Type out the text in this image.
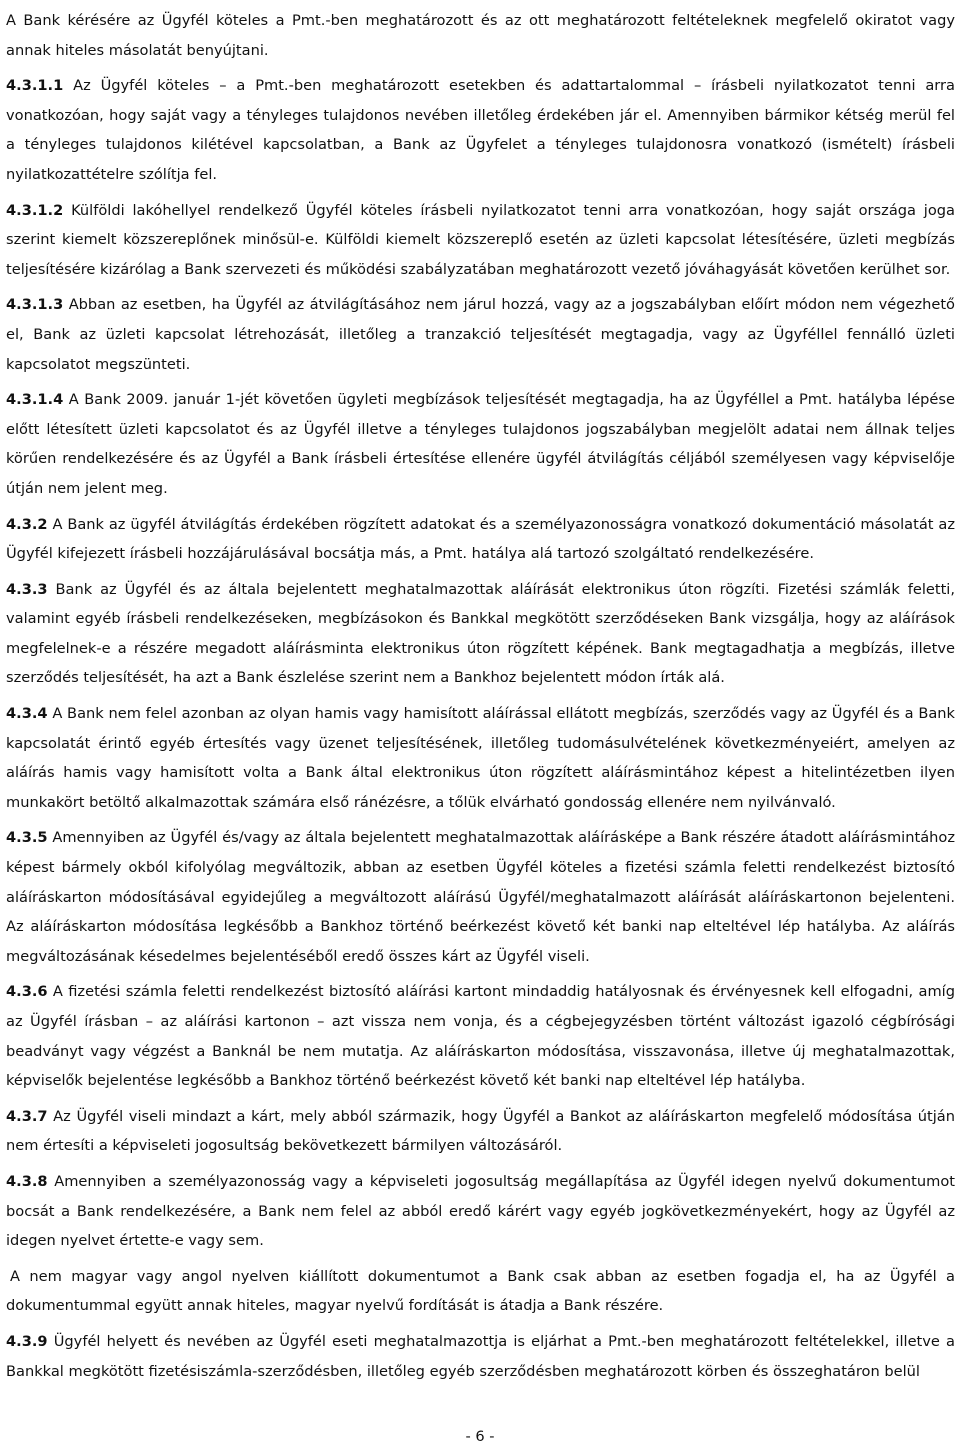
A Bank kérésére az Ügyfél köteles a Pmt.-ben meghatározott és az ott meghatározott feltételeknek megfelelő okiratot vagy annak hiteles másolatát benyújtani.

4.3.1.1 Az Ügyfél köteles – a Pmt.-ben meghatározott esetekben és adattartalommal – írásbeli nyilatkozatot tenni arra vonatkozóan, hogy saját vagy a tényleges tulajdonos nevében illetőleg érdekében jár el. Amennyiben bármikor kétség merül fel a tényleges tulajdonos kilétével kapcsolatban, a Bank az Ügyfelet a tényleges tulajdonosra vonatkozó (ismételt) írásbeli nyilatkozattételre szólítja fel.

4.3.1.2 Külföldi lakóhellyel rendelkező Ügyfél köteles írásbeli nyilatkozatot tenni arra vonatkozóan, hogy saját országa joga szerint kiemelt közszereplőnek minősül-e. Külföldi kiemelt közszereplő esetén az üzleti kapcsolat létesítésére, üzleti megbízás teljesítésére kizárólag a Bank szervezeti és működési szabályzatában meghatározott vezető jóváhagyását követően kerülhet sor.

4.3.1.3 Abban az esetben, ha Ügyfél az átvilágításához nem járul hozzá, vagy az a jogszabályban előírt módon nem végezhető el, Bank az üzleti kapcsolat létrehozását, illetőleg a tranzakció teljesítését megtagadja, vagy az Ügyféllel fennálló üzleti kapcsolatot megszünteti.

4.3.1.4 A Bank 2009. január 1-jét követően ügyleti megbízások teljesítését megtagadja, ha az Ügyféllel a Pmt. hatályba lépése előtt létesített üzleti kapcsolatot és az Ügyfél illetve a tényleges tulajdonos jogszabályban megjelölt adatai nem állnak teljes körűen rendelkezésére és az Ügyfél a Bank írásbeli értesítése ellenére ügyfél átvilágítás céljából személyesen vagy képviselője útján nem jelent meg.

4.3.2 A Bank az ügyfél átvilágítás érdekében rögzített adatokat és a személyazonosságra vonatkozó dokumentáció másolatát az Ügyfél kifejezett írásbeli hozzájárulásával bocsátja más, a Pmt. hatálya alá tartozó szolgáltató rendelkezésére.

4.3.3 Bank az Ügyfél és az általa bejelentett meghatalmazottak aláírását elektronikus úton rögzíti. Fizetési számlák feletti, valamint egyéb írásbeli rendelkezéseken, megbízásokon és Bankkal megkötött szerződéseken Bank vizsgálja, hogy az aláírások megfelelnek-e a részére megadott aláírásminta elektronikus úton rögzített képének. Bank megtagadhatja a megbízás, illetve szerződés teljesítését, ha azt a Bank észlelése szerint nem a Bankhoz bejelentett módon írták alá.

4.3.4 A Bank nem felel azonban az olyan hamis vagy hamisított aláírással ellátott megbízás, szerződés vagy az Ügyfél és a Bank kapcsolatát érintő egyéb értesítés vagy üzenet teljesítésének, illetőleg tudomásulvételének következményeiért, amelyen az aláírás hamis vagy hamisított volta a Bank által elektronikus úton rögzített aláírásmintához képest a hitelintézetben ilyen munkakört betöltő alkalmazottak számára első ránézésre, a tőlük elvárható gondosság ellenére nem nyilvánvaló.

4.3.5 Amennyiben az Ügyfél és/vagy az általa bejelentett meghatalmazottak aláírásképe a Bank részére átadott aláírásmintához képest bármely okból kifolyólag megváltozik, abban az esetben Ügyfél köteles a fizetési számla feletti rendelkezést biztosító aláíráskarton módosításával egyidejűleg a megváltozott aláírású Ügyfél/meghatalmazott aláírását aláíráskartonon bejelenteni. Az aláíráskarton módosítása legkésőbb a Bankhoz történő beérkezést követő két banki nap elteltével lép hatályba. Az aláírás megváltozásának késedelmes bejelentéséből eredő összes kárt az Ügyfél viseli.

4.3.6 A fizetési számla feletti rendelkezést biztosító aláírási kartont mindaddig hatályosnak és érvényesnek kell elfogadni, amíg az Ügyfél írásban – az aláírási kartonon – azt vissza nem vonja, és a cégbejegyzésben történt változást igazoló cégbírósági beadványt vagy végzést a Banknál be nem mutatja. Az aláíráskarton módosítása, visszavonása, illetve új meghatalmazottak, képviselők bejelentése legkésőbb a Bankhoz történő beérkezést követő két banki nap elteltével lép hatályba.

4.3.7 Az Ügyfél viseli mindazt a kárt, mely abból származik, hogy Ügyfél a Bankot az aláíráskarton megfelelő módosítása útján nem értesíti a képviseleti jogosultság bekövetkezett bármilyen változásáról.

4.3.8 Amennyiben a személyazonosság vagy a képviseleti jogosultság megállapítása az Ügyfél idegen nyelvű dokumentumot bocsát a Bank rendelkezésére, a Bank nem felel az abból eredő kárért vagy egyéb jogkövetkezményekért, hogy az Ügyfél az idegen nyelvet értette-e vagy sem.

A nem magyar vagy angol nyelven kiállított dokumentumot a Bank csak abban az esetben fogadja el, ha az Ügyfél a dokumentummal együtt annak hiteles, magyar nyelvű fordítását is átadja a Bank részére.

4.3.9 Ügyfél helyett és nevében az Ügyfél eseti meghatalmazottja is eljárhat a Pmt.-ben meghatározott feltételekkel, illetve a Bankkal megkötött fizetésiszámla-szerződésben, illetőleg egyéb szerződésben meghatározott körben és összeghatáron belül

- 6 -
